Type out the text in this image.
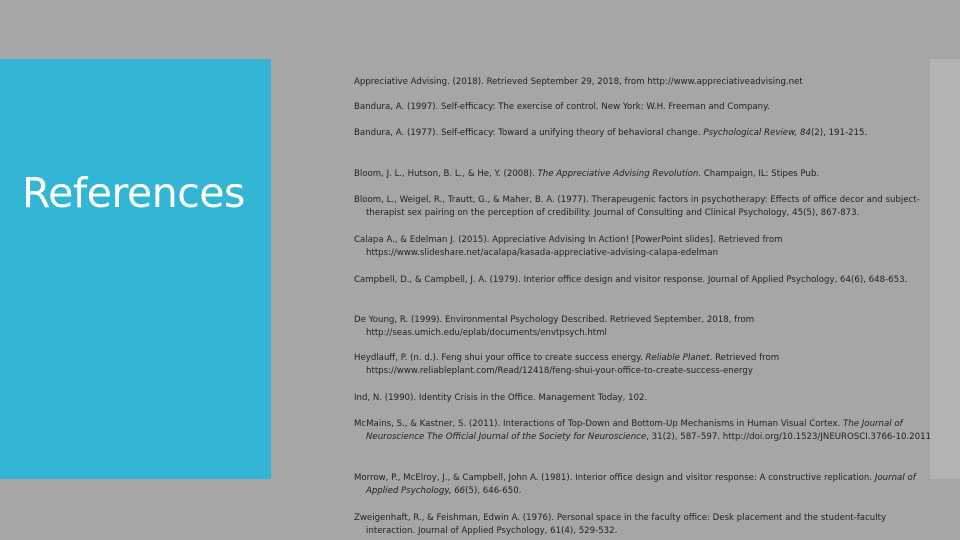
References
Appreciative Advising. (2018). Retrieved September 29, 2018, from http://www.appreciativeadvising.net
Bandura, A. (1997). Self-efficacy: The exercise of control. New York: W.H. Freeman and Company.
Bandura, A. (1977). Self-efficacy: Toward a unifying theory of behavioral change. Psychological Review, 84(2), 191-215.
Bloom, J. L., Hutson, B. L., & He, Y. (2008). The Appreciative Advising Revolution. Champaign, IL: Stipes Pub.
Bloom, L., Weigel, R., Trautt, G., & Maher, B. A. (1977). Therapeugenic factors in psychotherapy: Effects of office decor and subject-therapist sex pairing on the perception of credibility. Journal of Consulting and Clinical Psychology, 45(5), 867-873.
Calapa A., & Edelman J. (2015). Appreciative Advising In Action! [PowerPoint slides]. Retrieved from https://www.slideshare.net/acalapa/kasada-appreciative-advising-calapa-edelman
Campbell, D., & Campbell, J. A. (1979). Interior office design and visitor response. Journal of Applied Psychology, 64(6), 648-653.
De Young, R. (1999). Environmental Psychology Described. Retrieved September, 2018, from http://seas.umich.edu/eplab/documents/envtpsych.html
Heydlauff, P. (n. d.). Feng shui your office to create success energy. Reliable Planet. Retrieved from https://www.reliableplant.com/Read/12418/feng-shui-your-office-to-create-success-energy
Ind, N. (1990). Identity Crisis in the Office. Management Today, 102.
McMains, S., & Kastner, S. (2011). Interactions of Top-Down and Bottom-Up Mechanisms in Human Visual Cortex. The Journal of Neuroscience The Official Journal of the Society for Neuroscience, 31(2), 587–597. http://doi.org/10.1523/JNEUROSCI.3766-10.2011
Morrow, P., McElroy, J., & Campbell, John A. (1981). Interior office design and visitor response: A constructive replication. Journal of Applied Psychology, 66(5), 646-650.
Zweigenhaft, R., & Feishman, Edwin A. (1976). Personal space in the faculty office: Desk placement and the student-faculty interaction. Journal of Applied Psychology, 61(4), 529-532.
